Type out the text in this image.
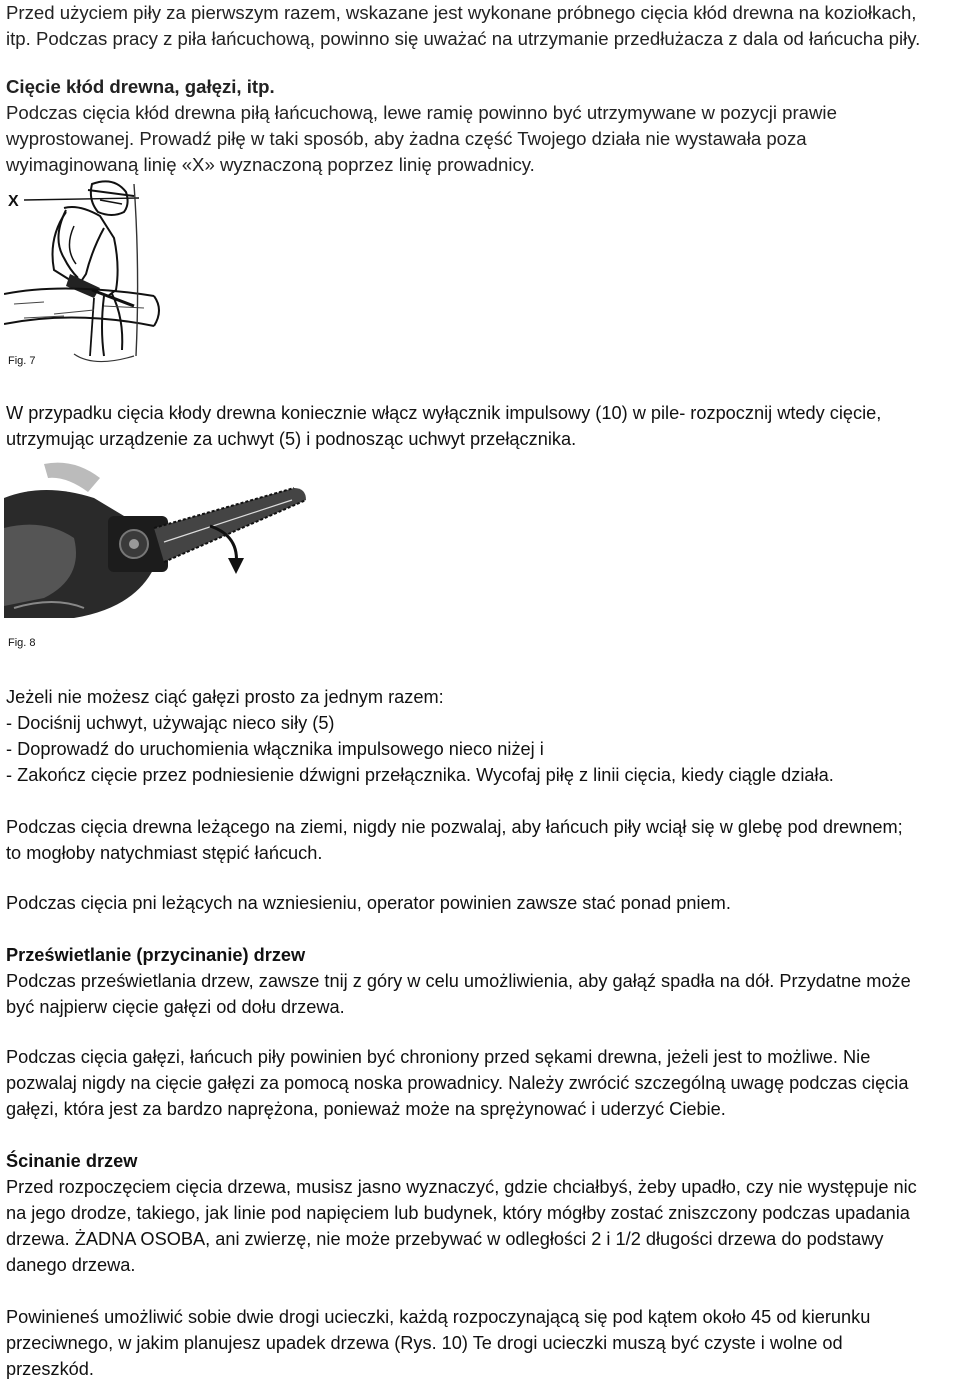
Przed użyciem piły za pierwszym razem, wskazane jest wykonane próbnego cięcia kłód drewna na koziołkach,

itp. Podczas pracy z piła łańcuchową, powinno się uważać na utrzymanie przedłużacza z dala od łańcucha piły.

Cięcie kłód drewna, gałęzi, itp.

Podczas cięcia kłód drewna piłą łańcuchową, lewe ramię powinno być utrzymywane w pozycji prawie

wyprostowanej. Prowadź piłę w taki sposób, aby żadna część Twojego działa nie wystawała poza

wyimaginowaną linię «X» wyznaczoną poprzez linię prowadnicy.

X
Fig. 7

W przypadku cięcia kłody drewna koniecznie włącz wyłącznik impulsowy (10) w pile- rozpocznij wtedy cięcie,

utrzymując urządzenie za uchwyt (5) i podnosząc uchwyt przełącznika.

Fig. 8

Jeżeli nie możesz ciąć gałęzi prosto za jednym razem:

- Dociśnij uchwyt, używając nieco siły (5)

- Doprowadź do uruchomienia włącznika impulsowego nieco niżej i

- Zakończ cięcie przez podniesienie dźwigni przełącznika. Wycofaj piłę z linii cięcia, kiedy ciągle działa.

Podczas cięcia drewna leżącego na ziemi, nigdy nie pozwalaj, aby łańcuch piły wciął się w glebę pod drewnem;

to mogłoby natychmiast stępić łańcuch.

Podczas cięcia pni leżących na wzniesieniu, operator powinien zawsze stać ponad pniem.

Prześwietlanie (przycinanie) drzew

Podczas prześwietlania drzew, zawsze tnij z góry w celu umożliwienia, aby gałąź spadła na dół. Przydatne może

być najpierw cięcie gałęzi od dołu drzewa.

Podczas cięcia gałęzi, łańcuch piły powinien być chroniony przed sękami drewna, jeżeli jest to możliwe. Nie

pozwalaj nigdy na cięcie gałęzi za pomocą noska prowadnicy. Należy zwrócić szczególną uwagę podczas cięcia

gałęzi, która jest za bardzo naprężona, ponieważ może na sprężynować i uderzyć Ciebie.

Ścinanie drzew

Przed rozpoczęciem cięcia drzewa, musisz jasno wyznaczyć, gdzie chciałbyś, żeby upadło, czy nie występuje nic

na jego drodze, takiego, jak linie pod napięciem lub budynek, który mógłby zostać zniszczony podczas upadania

drzewa. ŻADNA OSOBA, ani zwierzę, nie może przebywać w odległości 2 i 1/2 długości drzewa do podstawy

danego drzewa.

Powinieneś umożliwić sobie dwie drogi ucieczki, każdą rozpoczynającą się pod kątem około 45 od kierunku

przeciwnego, w jakim planujesz upadek drzewa (Rys. 10) Te drogi ucieczki muszą być czyste i wolne od

przeszkód.
